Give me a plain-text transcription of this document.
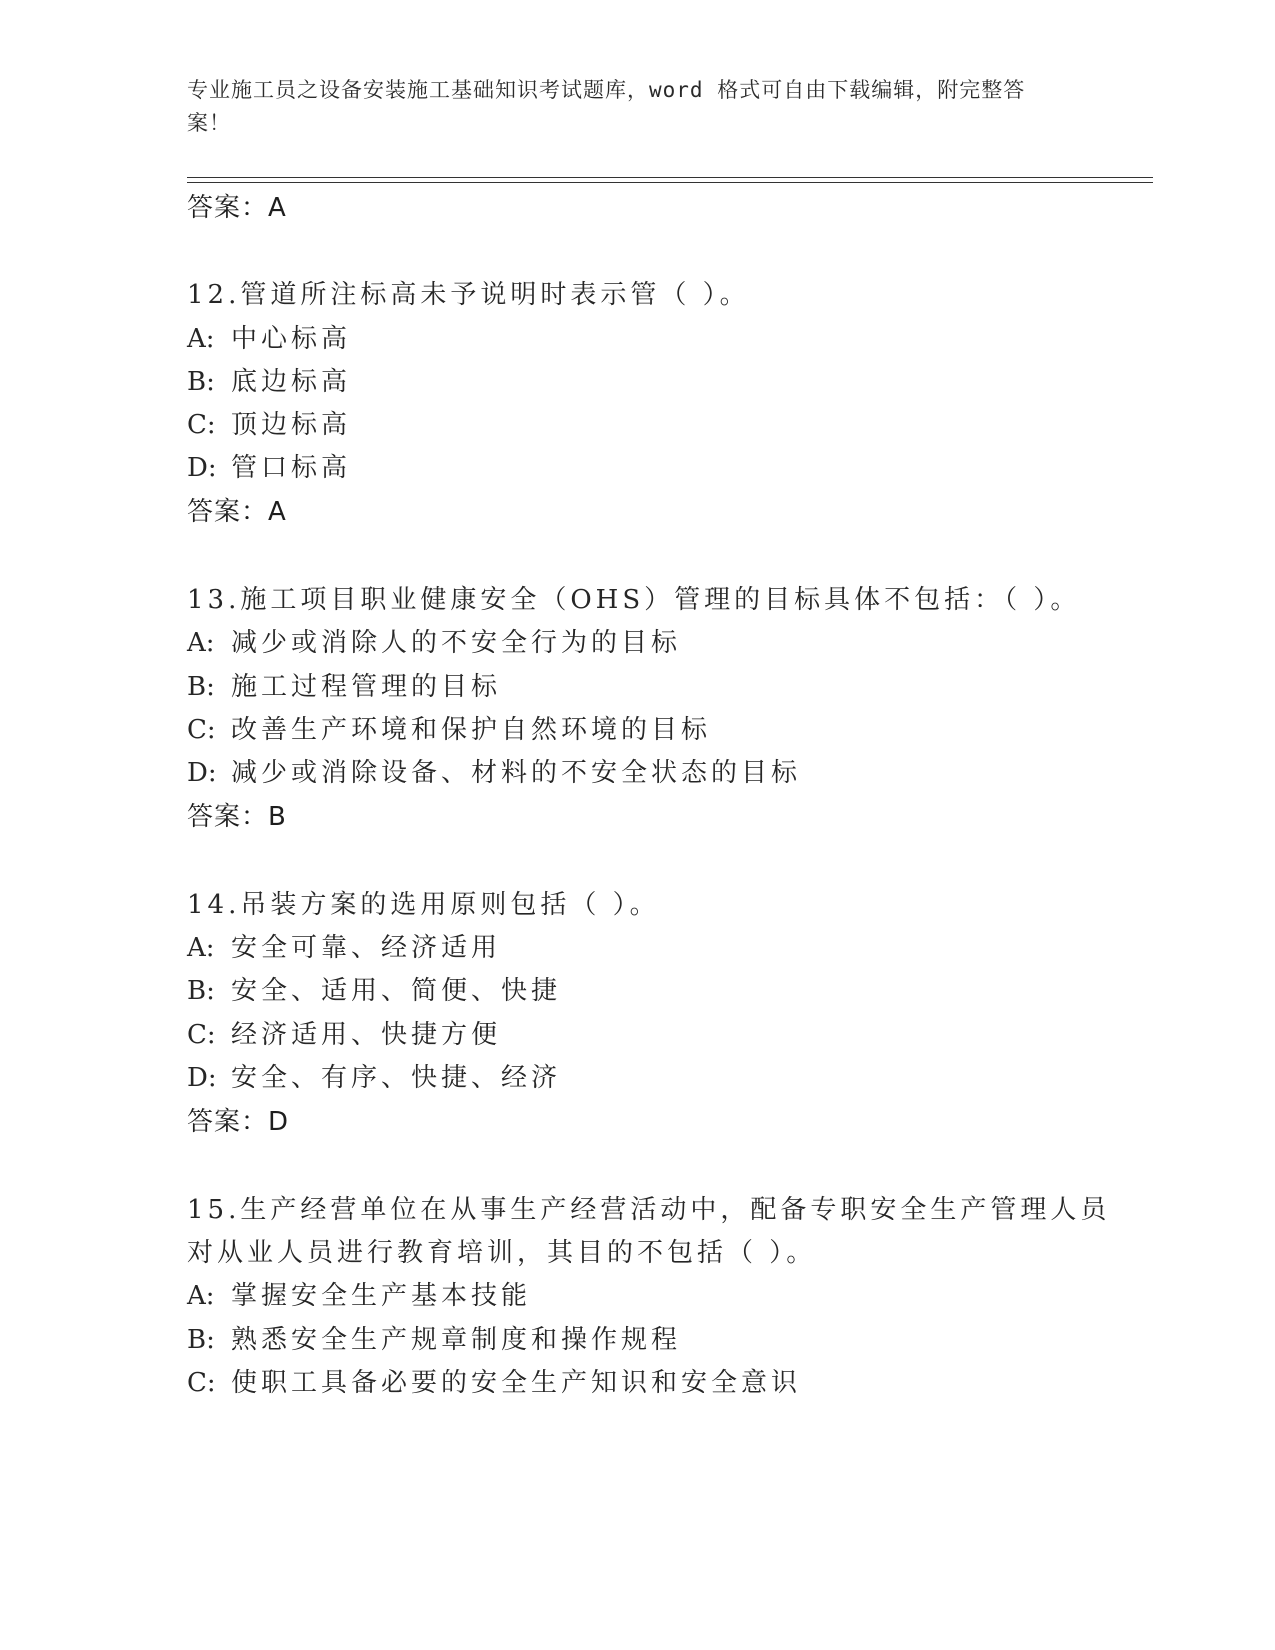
专业施工员之设备安装施工基础知识考试题库，word 格式可自由下载编辑，附完整答案！
答案：A
12.管道所注标高未予说明时表示管（ ）。
A: 中心标高
B: 底边标高
C: 顶边标高
D: 管口标高
答案：A
13.施工项目职业健康安全（OHS）管理的目标具体不包括：（ ）。
A: 减少或消除人的不安全行为的目标
B: 施工过程管理的目标
C: 改善生产环境和保护自然环境的目标
D: 减少或消除设备、材料的不安全状态的目标
答案：B
14.吊装方案的选用原则包括（ ）。
A: 安全可靠、经济适用
B: 安全、适用、简便、快捷
C: 经济适用、快捷方便
D: 安全、有序、快捷、经济
答案：D
15.生产经营单位在从事生产经营活动中，配备专职安全生产管理人员
对从业人员进行教育培训，其目的不包括（ ）。
A: 掌握安全生产基本技能
B: 熟悉安全生产规章制度和操作规程
C: 使职工具备必要的安全生产知识和安全意识
